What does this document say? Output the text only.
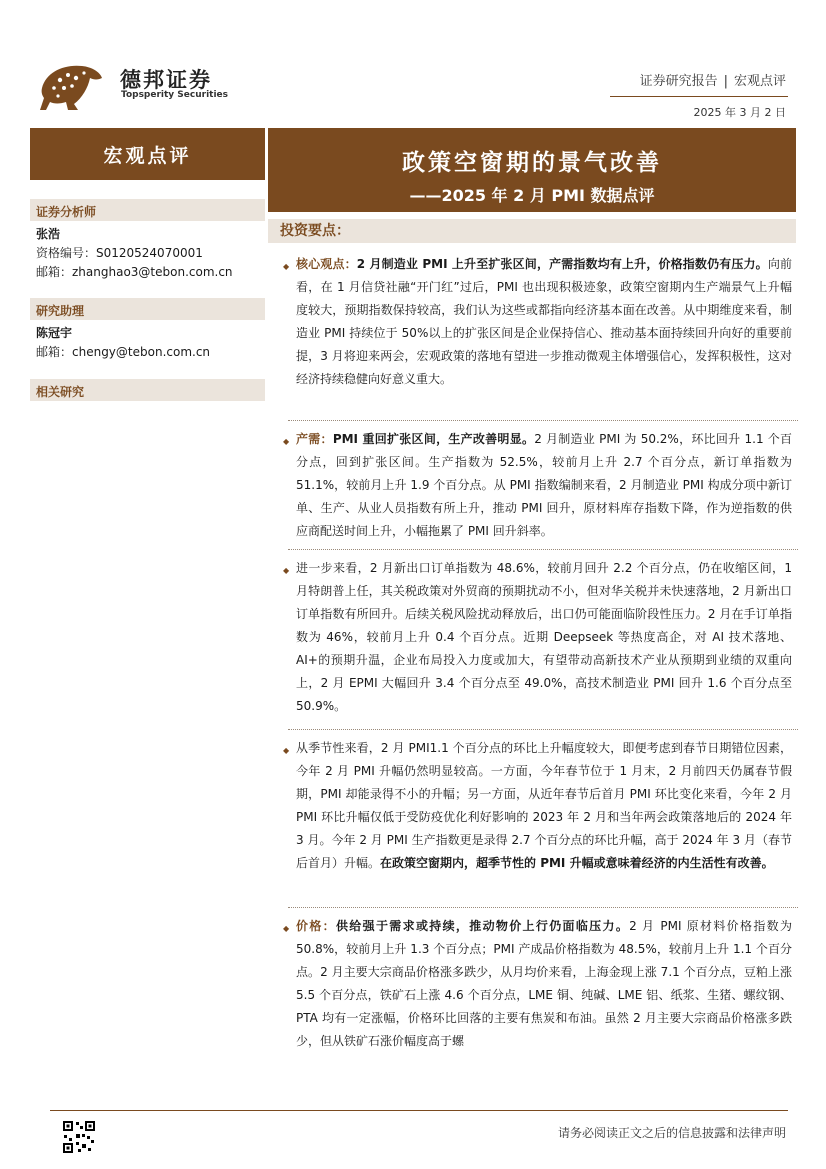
德邦证券
Topsperity Securities
证券研究报告 | 宏观点评
2025 年 3 月 2 日
宏观点评	政策空窗期的景气改善
——2025 年 2 月 PMI 数据点评
证券分析师
张浩
资格编号：S0120524070001
邮箱：zhanghao3@tebon.com.cn
研究助理
陈冠宇
邮箱：chengy@tebon.com.cn
相关研究
投资要点：
◆ 核心观点：2 月制造业 PMI 上升至扩张区间，产需指数均有上升，价格指数仍有压力。向前看，在 1 月信贷社融“开门红”过后，PMI 也出现积极迹象，政策空窗期内生产端景气上升幅度较大，预期指数保持较高，我们认为这些或都指向经济基本面在改善。从中期维度来看，制造业 PMI 持续位于 50%以上的扩张区间是企业保持信心、推动基本面持续回升向好的重要前提，3 月将迎来两会，宏观政策的落地有望进一步推动微观主体增强信心，发挥积极性，这对经济持续稳健向好意义重大。
◆ 产需：PMI 重回扩张区间，生产改善明显。2 月制造业 PMI 为 50.2%，环比回升 1.1 个百分点，回到扩张区间。生产指数为 52.5%，较前月上升 2.7 个百分点，新订单指数为 51.1%，较前月上升 1.9 个百分点。从 PMI 指数编制来看，2 月制造业 PMI 构成分项中新订单、生产、从业人员指数有所上升，推动 PMI 回升，原材料库存指数下降，作为逆指数的供应商配送时间上升，小幅拖累了 PMI 回升斜率。
◆ 进一步来看，2 月新出口订单指数为 48.6%，较前月回升 2.2 个百分点，仍在收缩区间，1 月特朗普上任，其关税政策对外贸商的预期扰动不小，但对华关税并未快速落地，2 月新出口订单指数有所回升。后续关税风险扰动释放后，出口仍可能面临阶段性压力。2 月在手订单指数为 46%，较前月上升 0.4 个百分点。近期 Deepseek 等热度高企，对 AI 技术落地、AI+的预期升温，企业布局投入力度或加大，有望带动高新技术产业从预期到业绩的双重向上，2 月 EPMI 大幅回升 3.4 个百分点至 49.0%，高技术制造业 PMI 回升 1.6 个百分点至 50.9%。
◆ 从季节性来看，2 月 PMI1.1 个百分点的环比上升幅度较大，即便考虑到春节日期错位因素，今年 2 月 PMI 升幅仍然明显较高。一方面，今年春节位于 1 月末，2 月前四天仍属春节假期，PMI 却能录得不小的升幅；另一方面，从近年春节后首月 PMI 环比变化来看，今年 2 月 PMI 环比升幅仅低于受防疫优化利好影响的 2023 年 2 月和当年两会政策落地后的 2024 年 3 月。今年 2 月 PMI 生产指数更是录得 2.7 个百分点的环比升幅，高于 2024 年 3 月（春节后首月）升幅。在政策空窗期内，超季节性的 PMI 升幅或意味着经济的内生活性有改善。
◆ 价格：供给强于需求或持续，推动物价上行仍面临压力。2 月 PMI 原材料价格指数为 50.8%，较前月上升 1.3 个百分点；PMI 产成品价格指数为 48.5%，较前月上升 1.1 个百分点。2 月主要大宗商品价格涨多跌少，从月均价来看，上海金现上涨 7.1 个百分点，豆粕上涨 5.5 个百分点，铁矿石上涨 4.6 个百分点，LME 铜、纯碱、LME 铝、纸浆、生猪、螺纹钢、PTA 均有一定涨幅，价格环比回落的主要有焦炭和布油。虽然 2 月主要大宗商品价格涨多跌少，但从铁矿石涨价幅度高于螺
请务必阅读正文之后的信息披露和法律声明
